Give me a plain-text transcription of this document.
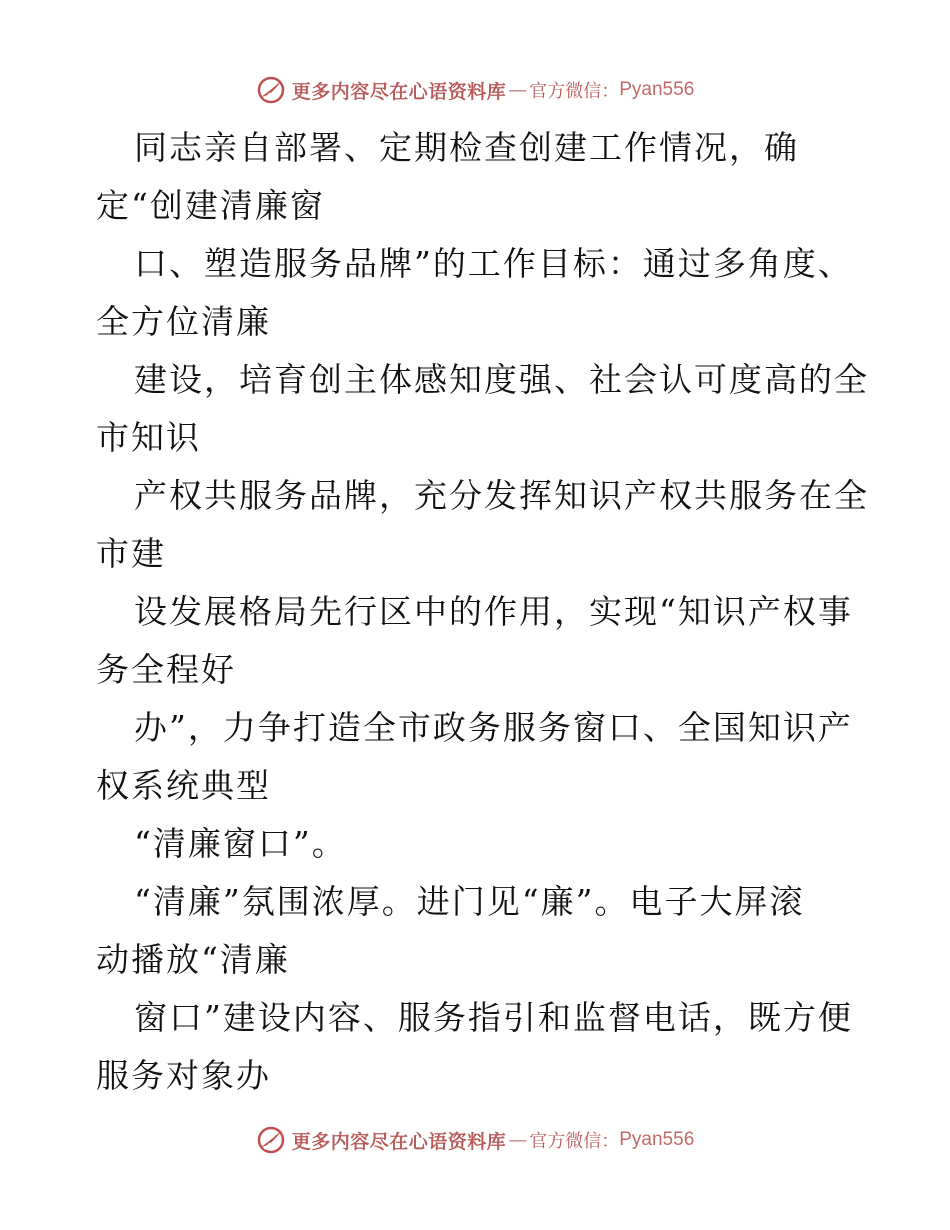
更多内容尽在心语资料库 — 官方微信： Pyan556
同志亲自部署、定期检查创建工作情况，确
定“创建清廉窗
口、塑造服务品牌”的工作目标：通过多角度、
全方位清廉
建设，培育创主体感知度强、社会认可度高的全
市知识
产权共服务品牌，充分发挥知识产权共服务在全
市建
设发展格局先行区中的作用，实现“知识产权事
务全程好
办”，力争打造全市政务服务窗口、全国知识产
权系统典型
“清廉窗口”。
“清廉”氛围浓厚。进门见“廉”。电子大屏滚
动播放“清廉
窗口”建设内容、服务指引和监督电话，既方便
服务对象办
更多内容尽在心语资料库 — 官方微信： Pyan556
